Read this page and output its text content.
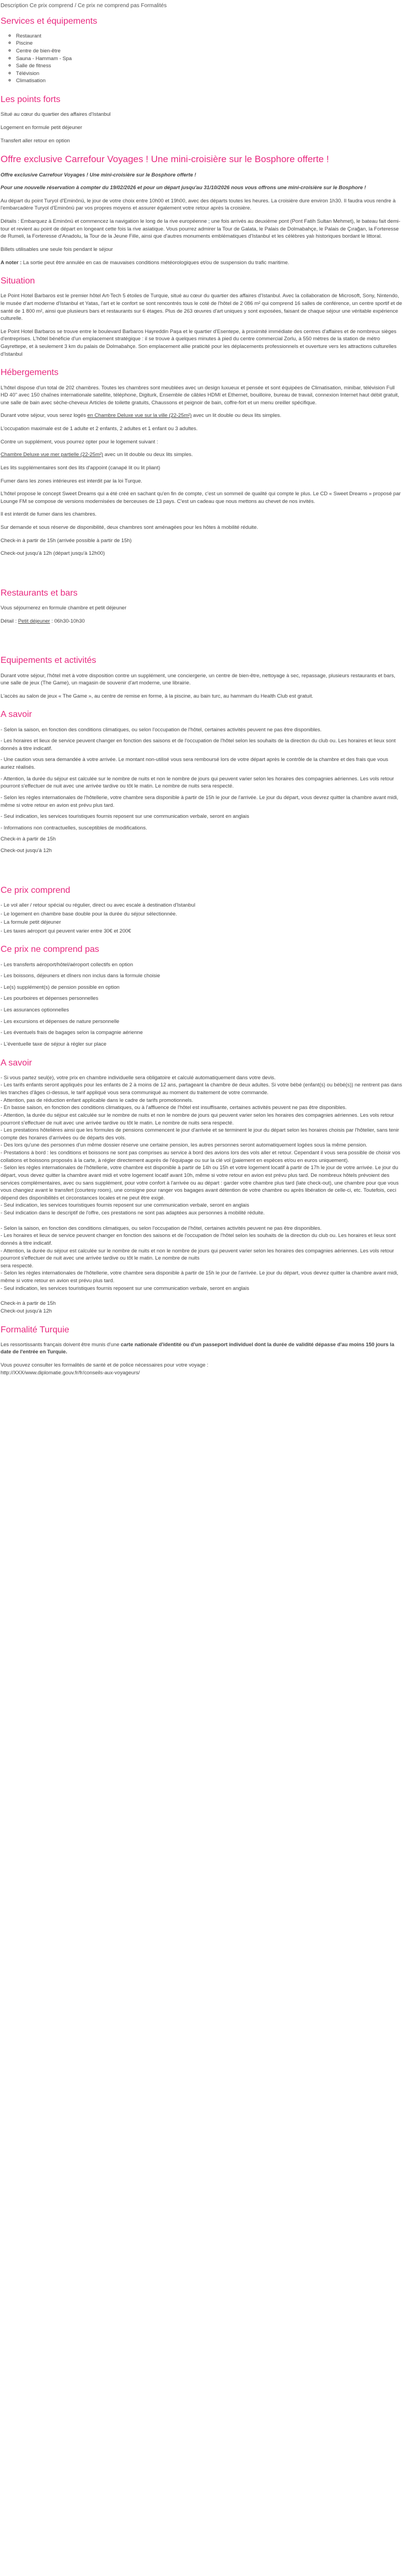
Description Ce prix comprend / Ce prix ne comprend pas Formalités
Services et équipements
◦ Restaurant
◦ Piscine
◦ Centre de bien-être
◦ Sauna - Hammam - Spa
◦ Salle de fitness
◦ Télévision
◦ Climatisation
Les points forts

Situé au cœur du quartier des affaires d'Istanbul

Logement en formule petit déjeuner

Transfert aller retour en option

Offre exclusive Carrefour Voyages ! Une mini-croisière sur le Bosphore offerte !

Offre exclusive Carrefour Voyages ! Une mini-croisière sur le Bosphore offerte !

Pour une nouvelle réservation à compter du 19/02/2026 et pour un départ jusqu'au 31/10/2026 nous vous offrons une mini-croisière sur le Bosphore !

Au départ du point Turyol d'Eminönü, le jour de votre choix entre 10h00 et 19h00, avec des départs toutes les heures. La croisière dure environ 1h30. Il faudra vous rendre à l'embarcadère Turyol d'Eminönü par vos propres moyens et assurer également votre retour après la croisière.

Détails : Embarquez à Eminönü et commencez la navigation le long de la rive européenne ; une fois arrivés au deuxième pont (Pont Fatih Sultan Mehmet), le bateau fait demi-tour et revient au point de départ en longeant cette fois la rive asiatique. Vous pourrez admirer la Tour de Galata, le Palais de Dolmabahçe, le Palais de Çırağan, la Forteresse de Rumeli, la Forteresse d'Anadolu, la Tour de la Jeune Fille, ainsi que d'autres monuments emblématiques d'Istanbul et les célèbres yalı historiques bordant le littoral.

Billets utilisables une seule fois pendant le séjour

A noter : La sortie peut être annulée en cas de mauvaises conditions météorologiques et/ou de suspension du trafic maritime.

Situation

Le Point Hotel Barbaros est le premier hôtel Art-Tech 5 étoiles de Turquie, situé au cœur du quartier des affaires d'Istanbul. Avec la collaboration de Microsoft, Sony, Nintendo, le musée d'art moderne d'Istanbul et Yatas, l'art et le confort se sont rencontrés tous le coté de l'hôtel de 2 086 m² qui comprend 16 salles de conférence, un centre sportif et de santé de 1 800 m², ainsi que plusieurs bars et restaurants sur 6 étages. Plus de 263 œuvres d'art uniques y sont exposées, faisant de chaque séjour une véritable expérience culturelle.

Le Point Hotel Barbaros se trouve entre le boulevard Barbaros Hayreddin Paşa et le quartier d'Esentepe, à proximité immédiate des centres d'affaires et de nombreux sièges d'entreprises. L'hôtel bénéficie d'un emplacement stratégique : il se trouve à quelques minutes à pied du centre commercial Zorlu, à 550 mètres de la station de métro Gayrettepe, et à seulement 3 km du palais de Dolmabahçe. Son emplacement allie praticité pour les déplacements professionnels et ouverture vers les attractions culturelles d'Istanbul

Hébergements

L'hôtel dispose d'un total de 202 chambres. Toutes les chambres sont meublées avec un design luxueux et pensée et sont équipées de Climatisation, minibar, télévision Full HD 40'' avec 150 chaînes internationale satellite, téléphone, Digiturk, Ensemble de câbles HDMI et Ethernet, bouilloire, bureau de travail, connexion Internet haut débit gratuit, une salle de bain avec sèche-cheveux Articles de toilette gratuits, Chaussons et peignoir de bain, coffre-fort et un menu oreiller spécifique.

Durant votre séjour, vous serez logés en Chambre Deluxe vue sur la ville (22-25m²) avec un lit double ou deux lits simples.

L'occupation maximale est de 1 adulte et 2 enfants, 2 adultes et 1 enfant ou 3 adultes.

Contre un supplément, vous pourrez opter pour le logement suivant :

Chambre Deluxe vue mer partielle (22-25m²) avec un lit double ou deux lits simples.

Les lits supplémentaires sont des lits d'appoint (canapé lit ou lit pliant)

Fumer dans les zones intérieures est interdit par la loi Turque.

L'hôtel propose le concept Sweet Dreams qui a été créé en sachant qu'en fin de compte, c'est un sommeil de qualité qui compte le plus. Le CD « Sweet Dreams » proposé par Lounge FM se compose de versions modernisées de berceuses de 13 pays. C'est un cadeau que nous mettons au chevet de nos invités.

Il est interdit de fumer dans les chambres.

Sur demande et sous réserve de disponibilité, deux chambres sont aménagées pour les hôtes à mobilité réduite.

Check-in à partir de 15h (arrivée possible à partir de 15h)

Check-out jusqu'à 12h (départ jusqu'à 12h00)

Restaurants et bars

Vous séjournerez en formule chambre et petit déjeuner

Détail : Petit déjeuner : 06h30-10h30

Equipements et activités

Durant votre séjour, l'hôtel met à votre disposition contre un supplément, une conciergerie, un centre de bien-être, nettoyage à sec, repassage, plusieurs restaurants et bars, une salle de jeux (The Game), un magasin de souvenir d'art moderne, une librairie.

L'accès au salon de jeux « The Game », au centre de remise en forme, à la piscine, au bain turc, au hammam du Health Club est gratuit.

A savoir
- Selon la saison, en fonction des conditions climatiques, ou selon l'occupation de l'hôtel, certaines activités peuvent ne pas être disponibles.
- Les horaires et lieux de service peuvent changer en fonction des saisons et de l'occupation de l'hôtel selon les souhaits de la direction du club ou. Les horaires et lieux sont donnés à titre indicatif.
- Une caution vous sera demandée à votre arrivée. Le montant non-utilisé vous sera remboursé lors de votre départ après le contrôle de la chambre et des frais que vous auriez réalisés.
- Attention, la durée du séjour est calculée sur le nombre de nuits et non le nombre de jours qui peuvent varier selon les horaires des compagnies aériennes. Les vols retour pourront s'effectuer de nuit avec une arrivée tardive ou tôt le matin. Le nombre de nuits sera respecté.
- Selon les règles internationales de l'hôtellerie, votre chambre sera disponible à partir de 15h le jour de l'arrivée. Le jour du départ, vous devrez quitter la chambre avant midi, même si votre retour en avion est prévu plus tard.
- Seul indication, les services touristiques fournis reposent sur une communication verbale, seront en anglais
- Informations non contractuelles, susceptibles de modifications.
Check-in à partir de 15h
Check-out jusqu'à 12h
Ce prix comprend
- Le vol aller / retour spécial ou régulier, direct ou avec escale à destination d'Istanbul
- Le logement en chambre base double pour la durée du séjour sélectionnée.
- La formule petit déjeuner
- Les taxes aéroport qui peuvent varier entre 30€ et 200€
Ce prix ne comprend pas
- Les transferts aéroport/hôtel/aéroport collectifs en option
- Les boissons, déjeuners et dîners non inclus dans la formule choisie
- Le(s) supplément(s) de pension possible en option
- Les pourboires et dépenses personnelles
- Les assurances optionnelles
- Les excursions et dépenses de nature personnelle
- Les éventuels frais de bagages selon la compagnie aérienne
- L'éventuelle taxe de séjour à régler sur place
A savoir
- Si vous partez seul(e), votre prix en chambre individuelle sera obligatoire et calculé automatiquement dans votre devis.
- Les tarifs enfants seront appliqués pour les enfants de 2 à moins de 12 ans, partageant la chambre de deux adultes. Si votre bébé (enfant(s) ou bébé(s)) ne rentrent pas dans les tranches d'âges ci-dessus, le tarif appliqué vous sera communiqué au moment du traitement de votre commande.
- Attention, pas de réduction enfant applicable dans le cadre de tarifs promotionnels.
- En basse saison, en fonction des conditions climatiques, ou à l'affluence de l'hôtel est insuffisante, certaines activités peuvent ne pas être disponibles.
- Attention, la durée du séjour est calculée sur le nombre de nuits et non le nombre de jours qui peuvent varier selon les horaires des compagnies aériennes. Les vols retour pourront s'effectuer de nuit avec une arrivée tardive ou tôt le matin. Le nombre de nuits sera respecté.
- Les prestations hôtelières ainsi que les formules de pensions commencent le jour d'arrivée et se terminent le jour du départ selon les horaires choisis par l'hôtelier, sans tenir compte des horaires d'arrivées ou de départs des vols.
- Des lors qu'une des personnes d'un même dossier réserve une certaine pension, les autres personnes seront automatiquement logées sous la même pension.
- Prestations à bord : les conditions et boissons ne sont pas comprises au service à bord des avions lors des vols aller et retour. Cependant il vous sera possible de choisir vos collations et boissons proposés à la carte, à régler directement auprès de l'équipage ou sur la clé vol (paiement en espèces et/ou en euros uniquement).
- Selon les règles internationales de l'hôtellerie, votre chambre est disponible à partir de 14h ou 15h et votre logement locatif à partir de 17h le jour de votre arrivée. Le jour du départ, vous devez quitter la chambre avant midi et votre logement locatif avant 10h, même si votre retour en avion est prévu plus tard. De nombreux hôtels prévoient des services complémentaires, avec ou sans supplément, pour votre confort à l'arrivée ou au départ : garder votre chambre plus tard (late check-out), une chambre pour que vous vous changiez avant le transfert (courtesy room), une consigne pour ranger vos bagages avant détention de votre chambre ou après libération de celle-ci, etc. Toutefois, ceci dépend des disponibilités et circonstances locales et ne peut être exigé.
- Seul indication, les services touristiques fournis reposent sur une communication verbale, seront en anglais
- Seul indication dans le descriptif de l'offre, ces prestations ne sont pas adaptées aux personnes à mobilité réduite.
- Selon la saison, en fonction des conditions climatiques, ou selon l'occupation de l'hôtel, certaines activités peuvent ne pas être disponibles.
- Les horaires et lieux de service peuvent changer en fonction des saisons et de l'occupation de l'hôtel selon les souhaits de la direction du club ou. Les horaires et lieux sont donnés à titre indicatif.
- Attention, la durée du séjour est calculée sur le nombre de nuits et non le nombre de jours qui peuvent varier selon les horaires des compagnies aériennes. Les vols retour pourront s'effectuer de nuit avec une arrivée tardive ou tôt le matin. Le nombre de nuits
sera respecté.
- Selon les règles internationales de l'hôtellerie, votre chambre sera disponible à partir de 15h le jour de l'arrivée. Le jour du départ, vous devrez quitter la chambre avant midi, même si votre retour en avion est prévu plus tard.
- Seul indication, les services touristiques fournis reposent sur une communication verbale, seront en anglais
Check-in à partir de 15h
Check-out jusqu'à 12h
Formalité Turquie

Les ressortissants français doivent être munis d'une carte nationale d'identité ou d'un passeport individuel dont la durée de validité dépasse d'au moins 150 jours la date de l'entrée en Turquie.

Vous pouvez consulter les formalités de santé et de police nécessaires pour votre voyage :
http://XXX/www.diplomatie.gouv.fr/fr/conseils-aux-voyageurs/
